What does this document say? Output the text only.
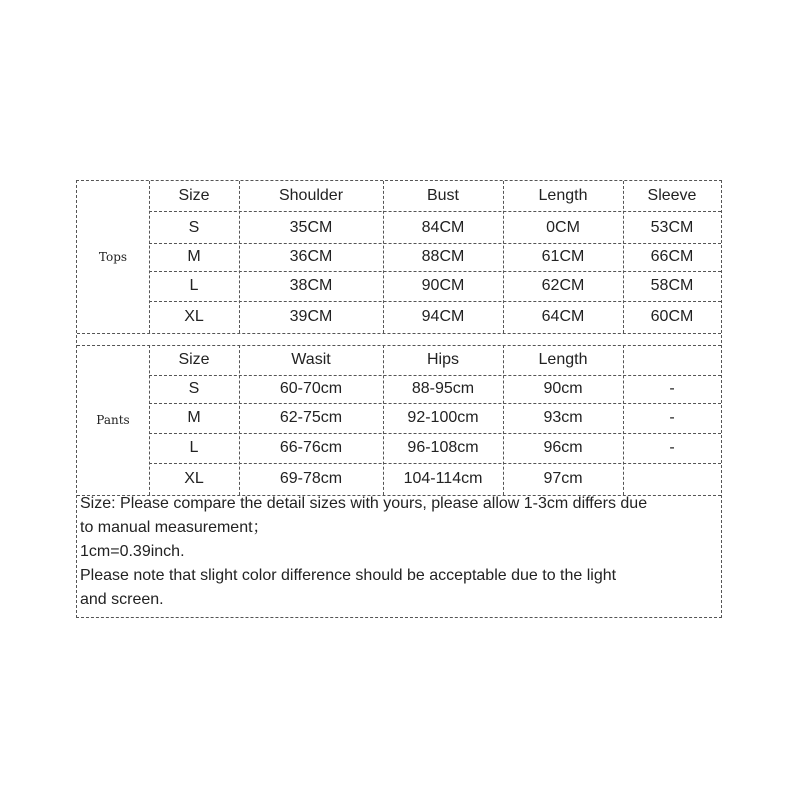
Tops
Pants
Size	Shoulder	Bust	Length	Sleeve
S	35CM	84CM	0CM	53CM
M	36CM	88CM	61CM	66CM
L	38CM	90CM	62CM	58CM
XL	39CM	94CM	64CM	60CM
Size	Wasit	Hips	Length
S	60-70cm	88-95cm	90cm	-
M	62-75cm	92-100cm	93cm	-
L	66-76cm	96-108cm	96cm	-
XL	69-78cm	104-114cm	97cm
Size: Please compare the detail sizes with yours, please allow 1-3cm differs due
to manual measurement；
1cm=0.39inch.
Please note that slight color difference should be acceptable due to the light
and screen.
